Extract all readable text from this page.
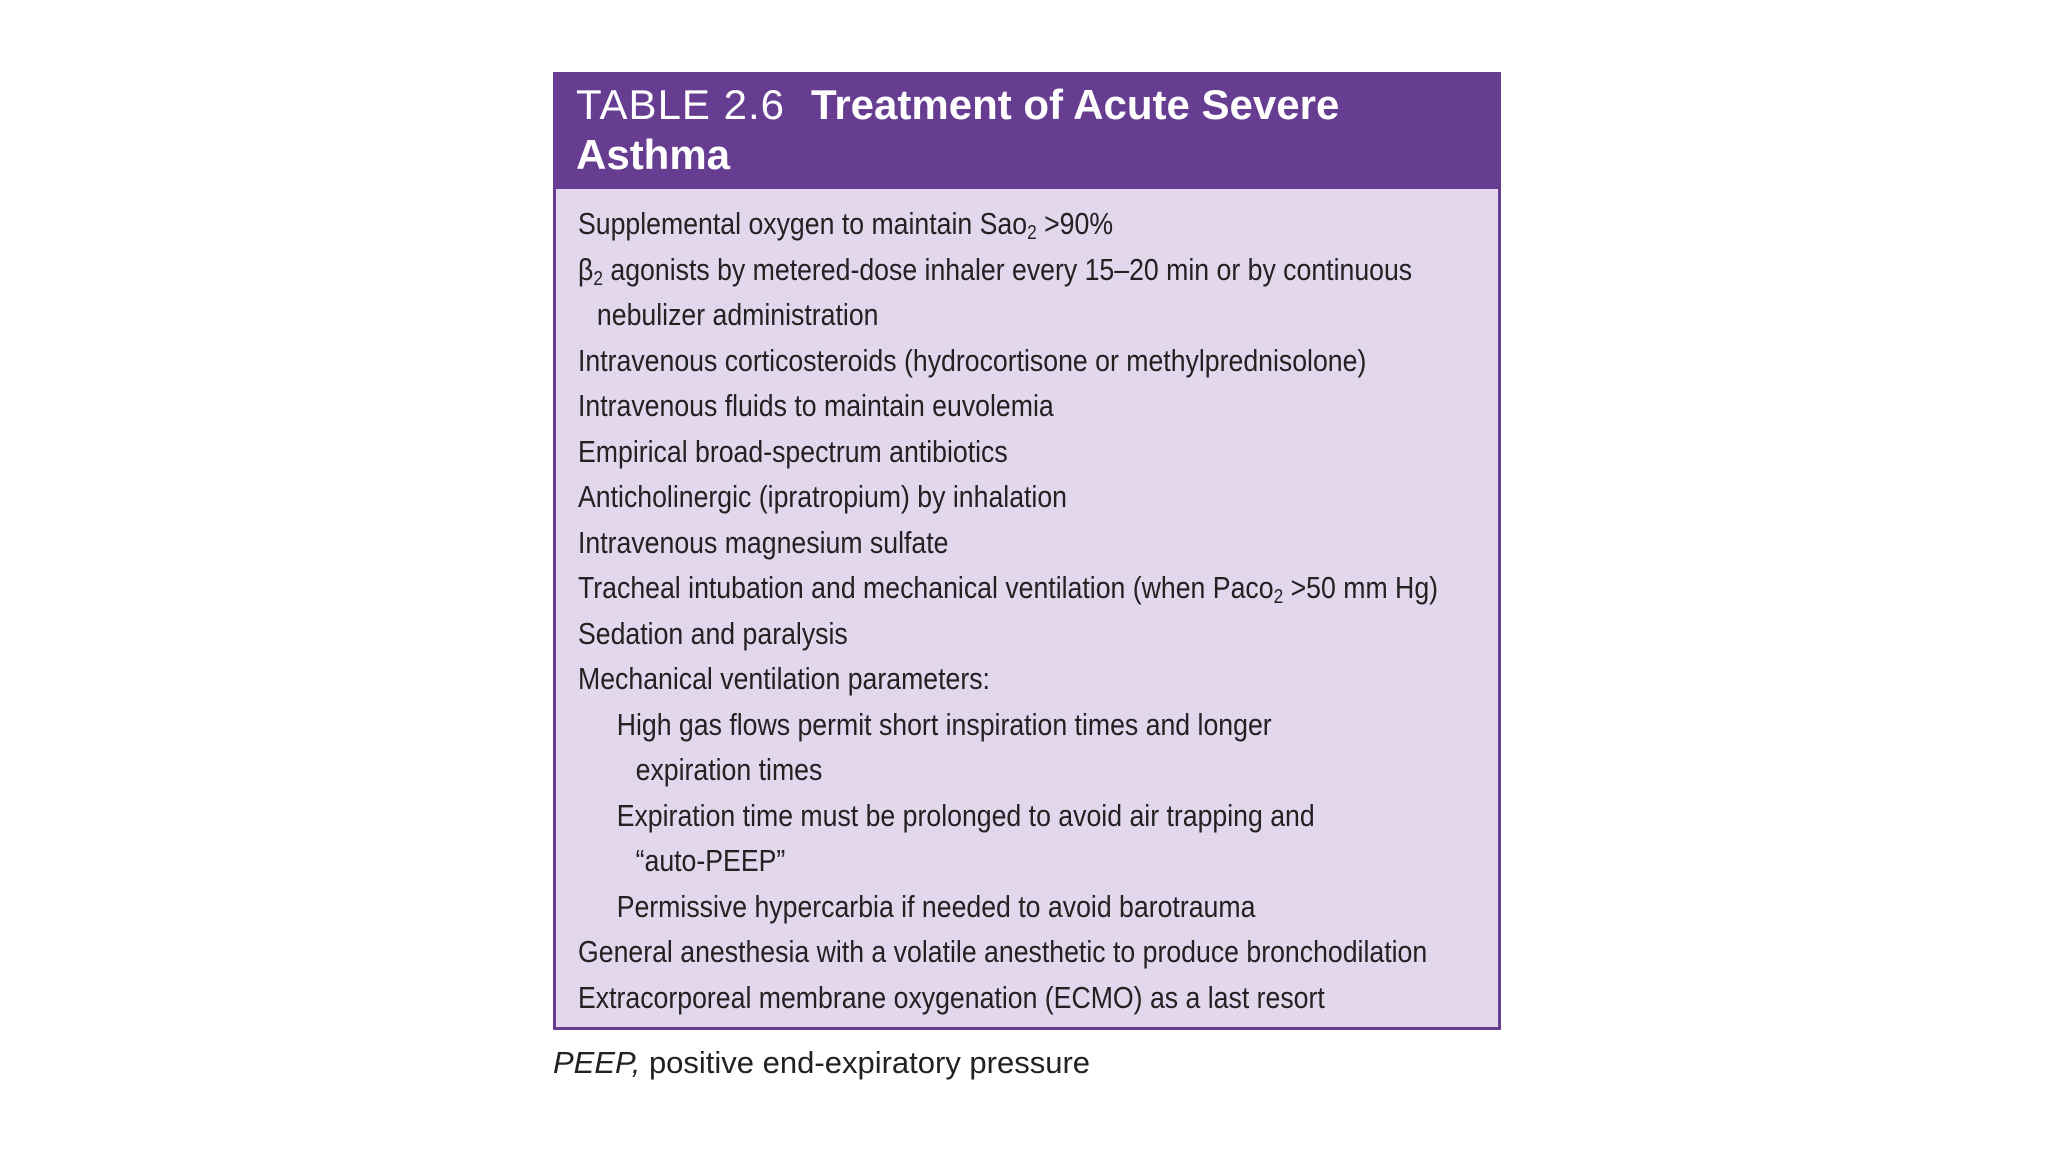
TABLE 2.6 Treatment of Acute Severe
Asthma
Supplemental oxygen to maintain Sao$_2$ >90%
$\beta_2$ agonists by metered-dose inhaler every 15–20 min or by continuous
nebulizer administration
Intravenous corticosteroids (hydrocortisone or methylprednisolone)
Intravenous fluids to maintain euvolemia
Empirical broad-spectrum antibiotics
Anticholinergic (ipratropium) by inhalation
Intravenous magnesium sulfate
Tracheal intubation and mechanical ventilation (when Paco$_2$ >50 mm Hg)
Sedation and paralysis
Mechanical ventilation parameters:
High gas flows permit short inspiration times and longer
expiration times
Expiration time must be prolonged to avoid air trapping and
“auto-PEEP”
Permissive hypercarbia if needed to avoid barotrauma
General anesthesia with a volatile anesthetic to produce bronchodilation
Extracorporeal membrane oxygenation (ECMO) as a last resort
PEEP, positive end-expiratory pressure
